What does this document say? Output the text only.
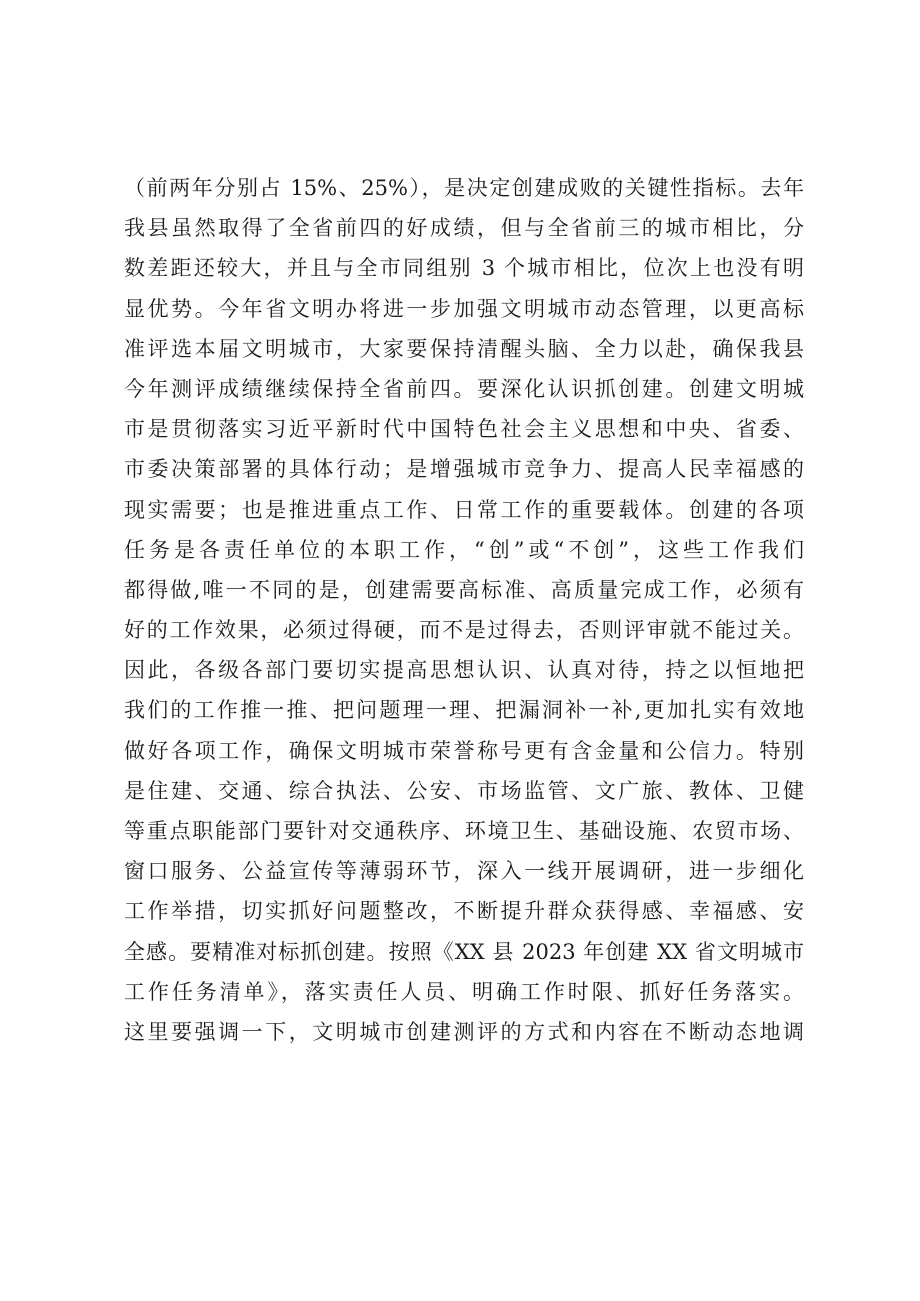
（前两年分别占 15%、25%），是决定创建成败的关键性指标。去年
我县虽然取得了全省前四的好成绩，但与全省前三的城市相比，分
数差距还较大，并且与全市同组别 3 个城市相比，位次上也没有明
显优势。今年省文明办将进一步加强文明城市动态管理，以更高标
准评选本届文明城市，大家要保持清醒头脑、全力以赴，确保我县
今年测评成绩继续保持全省前四。要深化认识抓创建。创建文明城
市是贯彻落实习近平新时代中国特色社会主义思想和中央、省委、
市委决策部署的具体行动；是增强城市竞争力、提高人民幸福感的
现实需要；也是推进重点工作、日常工作的重要载体。创建的各项
任务是各责任单位的本职工作，“创”或“不创”，这些工作我们
都得做,唯一不同的是，创建需要高标准、高质量完成工作，必须有
好的工作效果，必须过得硬，而不是过得去，否则评审就不能过关。
因此，各级各部门要切实提高思想认识、认真对待，持之以恒地把
我们的工作推一推、把问题理一理、把漏洞补一补,更加扎实有效地
做好各项工作，确保文明城市荣誉称号更有含金量和公信力。特别
是住建、交通、综合执法、公安、市场监管、文广旅、教体、卫健
等重点职能部门要针对交通秩序、环境卫生、基础设施、农贸市场、
窗口服务、公益宣传等薄弱环节，深入一线开展调研，进一步细化
工作举措，切实抓好问题整改，不断提升群众获得感、幸福感、安
全感。要精准对标抓创建。按照《XX 县 2023 年创建 XX 省文明城市
工作任务清单》，落实责任人员、明确工作时限、抓好任务落实。
这里要强调一下，文明城市创建测评的方式和内容在不断动态地调
